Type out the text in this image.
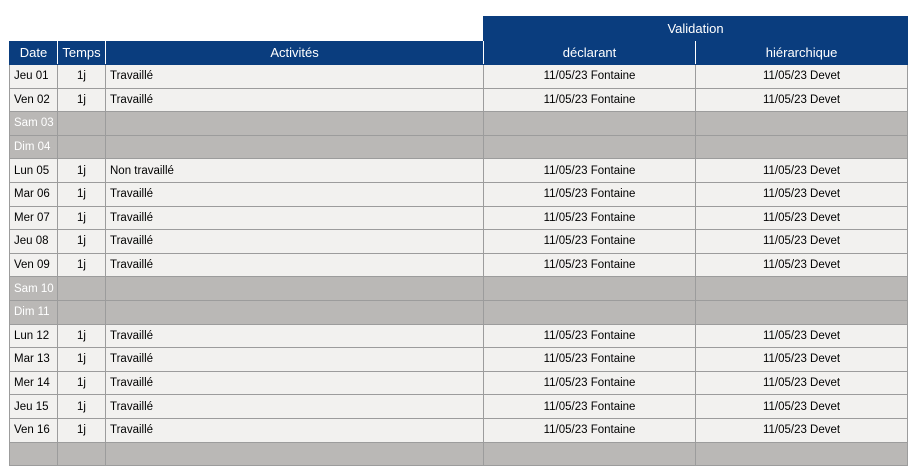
			Validation	
Date	Temps	Activités	déclarant	hiérarchique
Jeu 01	1j	Travaillé	11/05/23 Fontaine	11/05/23 Devet
Ven 02	1j	Travaillé	11/05/23 Fontaine	11/05/23 Devet
Sam 03				
Dim 04				
Lun 05	1j	Non travaillé	11/05/23 Fontaine	11/05/23 Devet
Mar 06	1j	Travaillé	11/05/23 Fontaine	11/05/23 Devet
Mer 07	1j	Travaillé	11/05/23 Fontaine	11/05/23 Devet
Jeu 08	1j	Travaillé	11/05/23 Fontaine	11/05/23 Devet
Ven 09	1j	Travaillé	11/05/23 Fontaine	11/05/23 Devet
Sam 10				
Dim 11				
Lun 12	1j	Travaillé	11/05/23 Fontaine	11/05/23 Devet
Mar 13	1j	Travaillé	11/05/23 Fontaine	11/05/23 Devet
Mer 14	1j	Travaillé	11/05/23 Fontaine	11/05/23 Devet
Jeu 15	1j	Travaillé	11/05/23 Fontaine	11/05/23 Devet
Ven 16	1j	Travaillé	11/05/23 Fontaine	11/05/23 Devet
